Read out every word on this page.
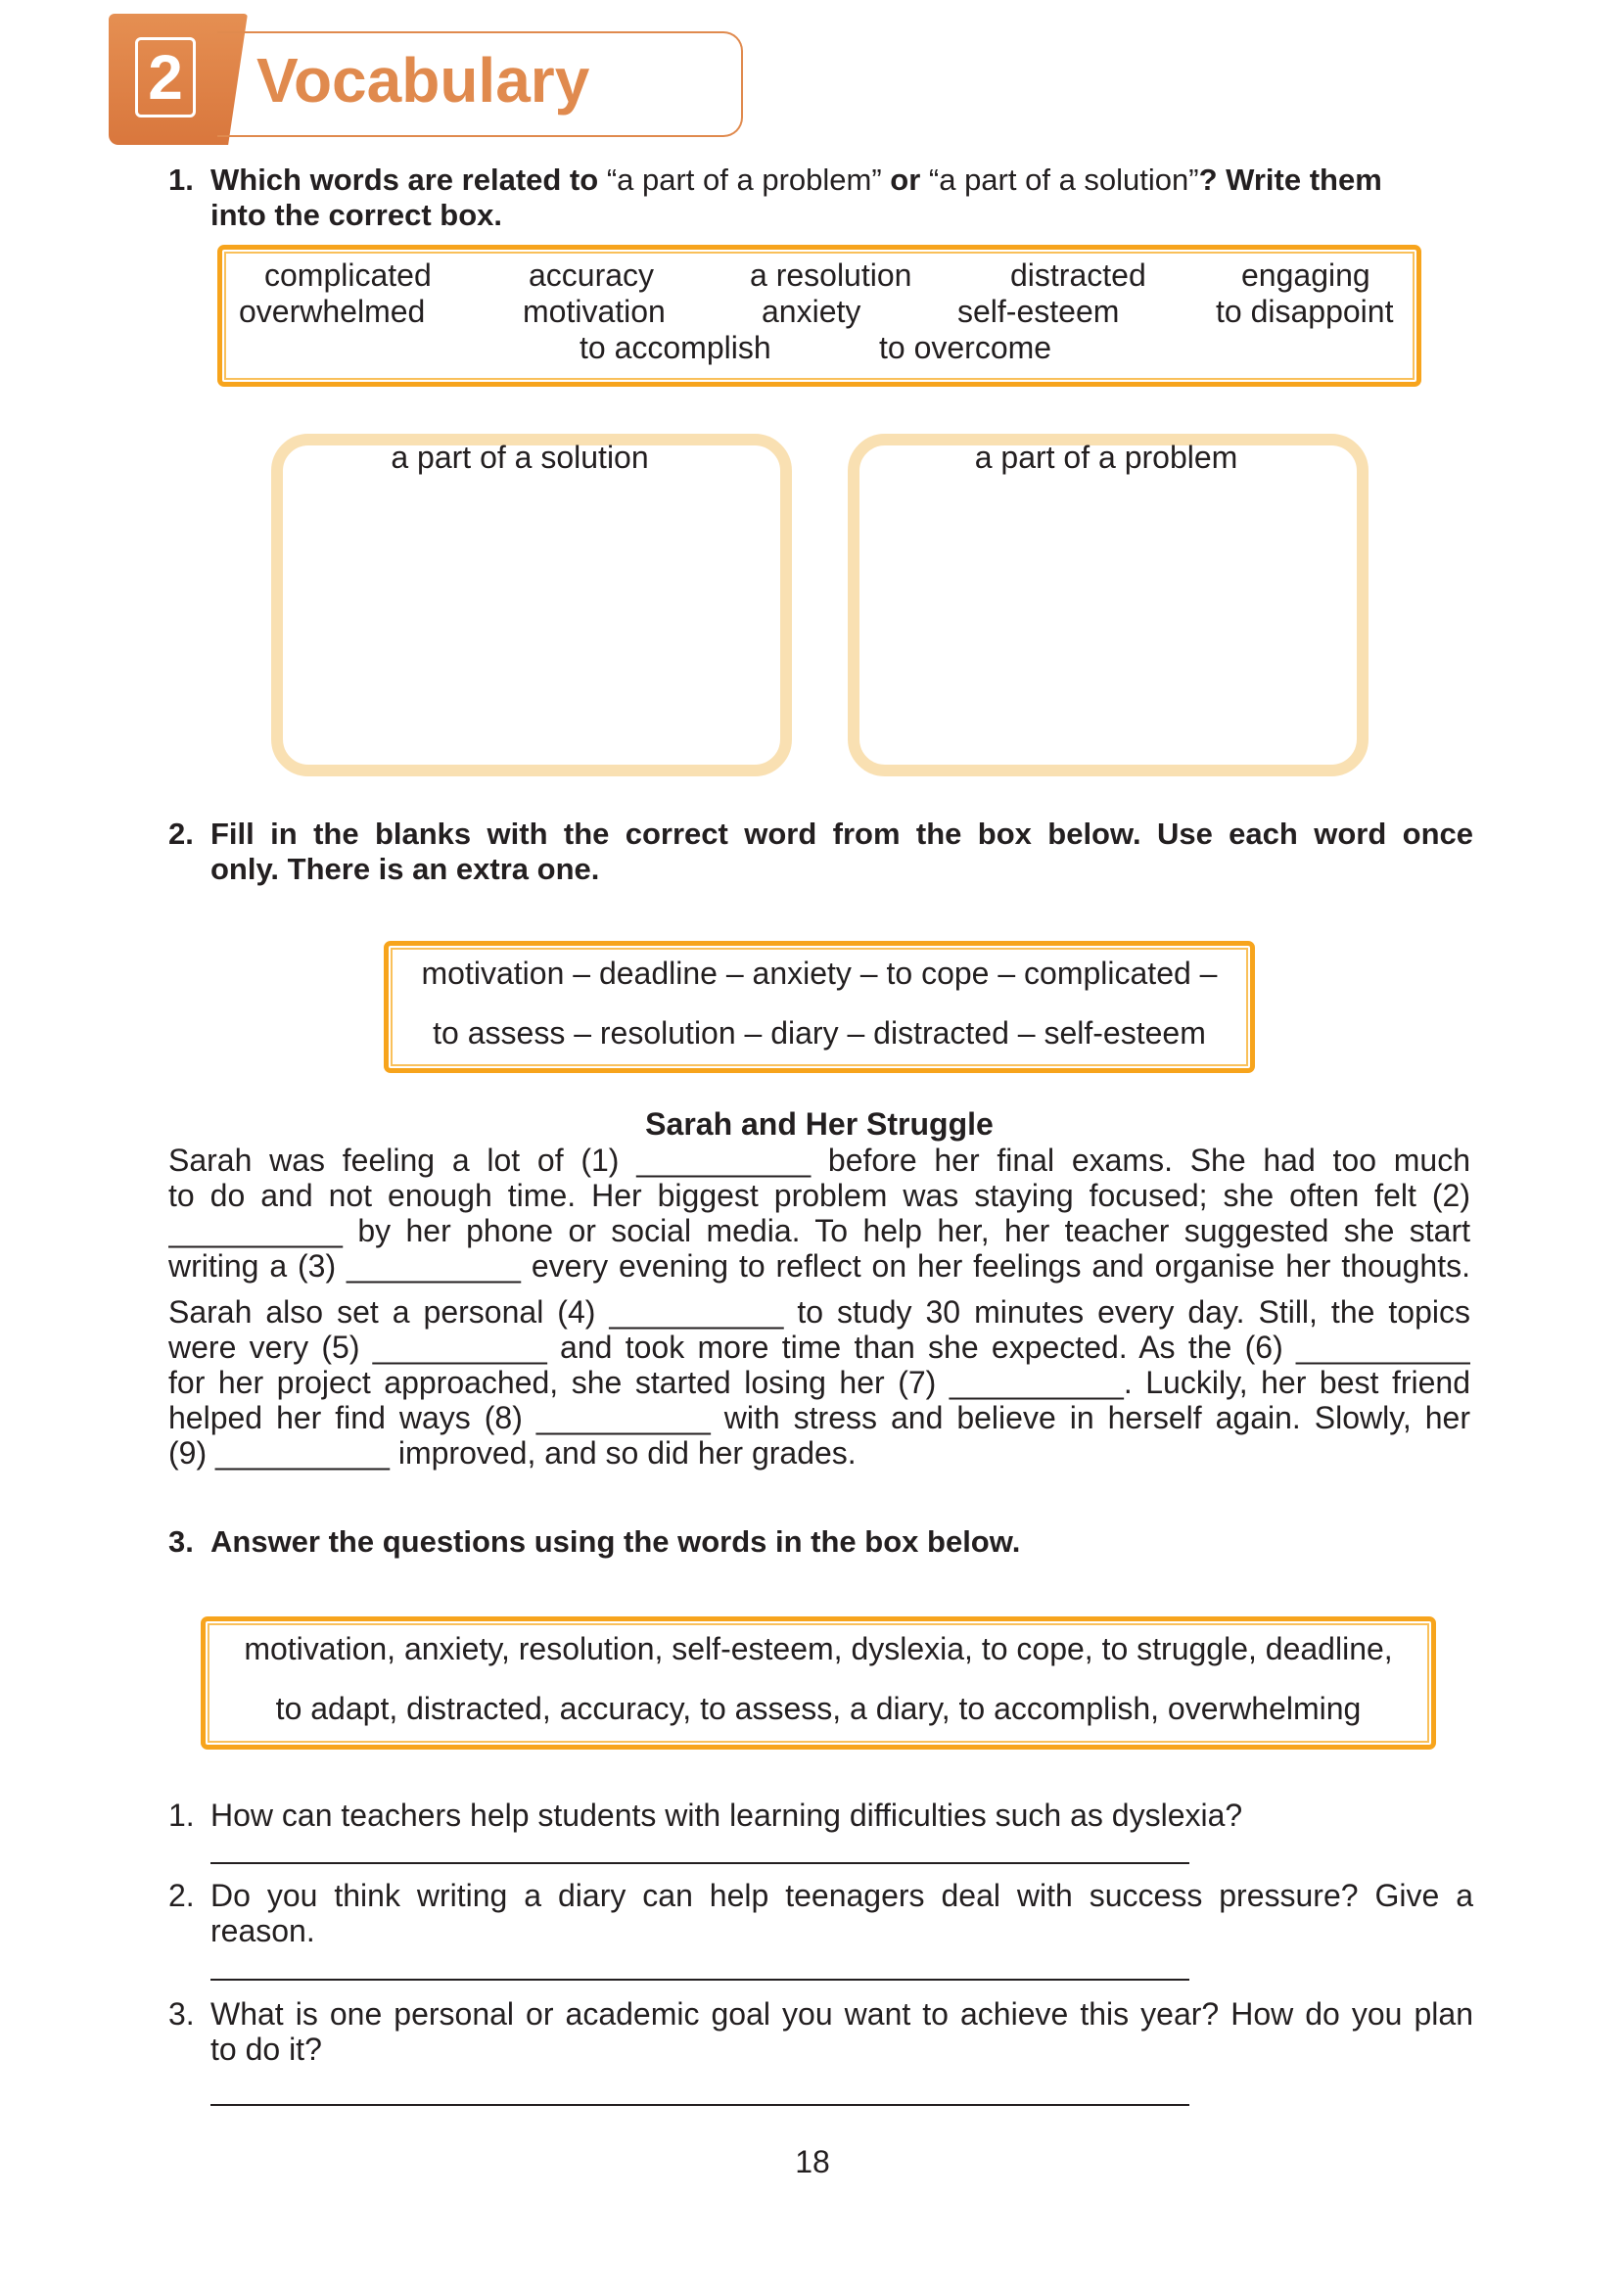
2 Vocabulary
1. Which words are related to “a part of a problem” or “a part of a solution”? Write them
into the correct box.
complicated	accuracy	a resolution	distracted	engaging
overwhelmed	motivation	anxiety	self-esteem	to disappoint
to accomplish	to overcome
a part of a solution	a part of a problem
2. Fill in the blanks with the correct word from the box below. Use each word once
only. There is an extra one.
motivation – deadline – anxiety – to cope – complicated –
to assess – resolution – diary – distracted – self-esteem
Sarah and Her Struggle
Sarah was feeling a lot of (1) __________ before her final exams. She had too much
to do and not enough time. Her biggest problem was staying focused; she often felt (2)
__________ by her phone or social media. To help her, her teacher suggested she start
writing a (3) __________ every evening to reflect on her feelings and organise her thoughts.
Sarah also set a personal (4) __________ to study 30 minutes every day. Still, the topics
were very (5) __________ and took more time than she expected. As the (6) __________
for her project approached, she started losing her (7) __________. Luckily, her best friend
helped her find ways (8) __________ with stress and believe in herself again. Slowly, her
(9) __________ improved, and so did her grades.
3. Answer the questions using the words in the box below.
motivation, anxiety, resolution, self-esteem, dyslexia, to cope, to struggle, deadline,
to adapt, distracted, accuracy, to assess, a diary, to accomplish, overwhelming
1. How can teachers help students with learning difficulties such as dyslexia?
2. Do you think writing a diary can help teenagers deal with success pressure? Give a
reason.
3. What is one personal or academic goal you want to achieve this year? How do you plan
to do it?
18
